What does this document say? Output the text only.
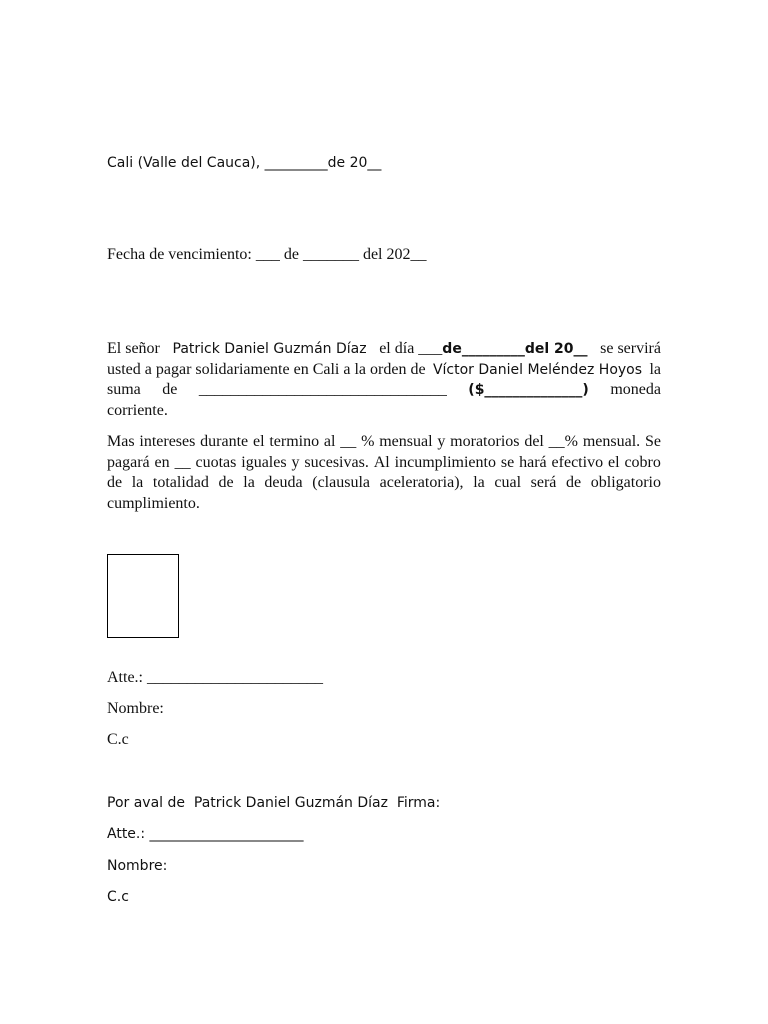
Cali (Valle del Cauca), _________de 20__
Fecha de vencimiento: ___ de _______ del 202__
El señor Patrick Daniel Guzmán Díaz el día ___de_________del 20__ se servirá
usted a pagar solidariamente en Cali a la orden de Víctor Daniel Meléndez Hoyos la
suma de _______________________________ ($______________) moneda
corriente.
Mas intereses durante el termino al __ % mensual y moratorios del __% mensual. Se
pagará en __ cuotas iguales y sucesivas. Al incumplimiento se hará efectivo el cobro
de la totalidad de la deuda (clausula aceleratoria), la cual será de obligatorio
cumplimiento.
Atte.: ______________________
Nombre:
C.c
Por aval de  Patrick Daniel Guzmán Díaz  Firma:
Atte.: ______________________
Nombre:
C.c
